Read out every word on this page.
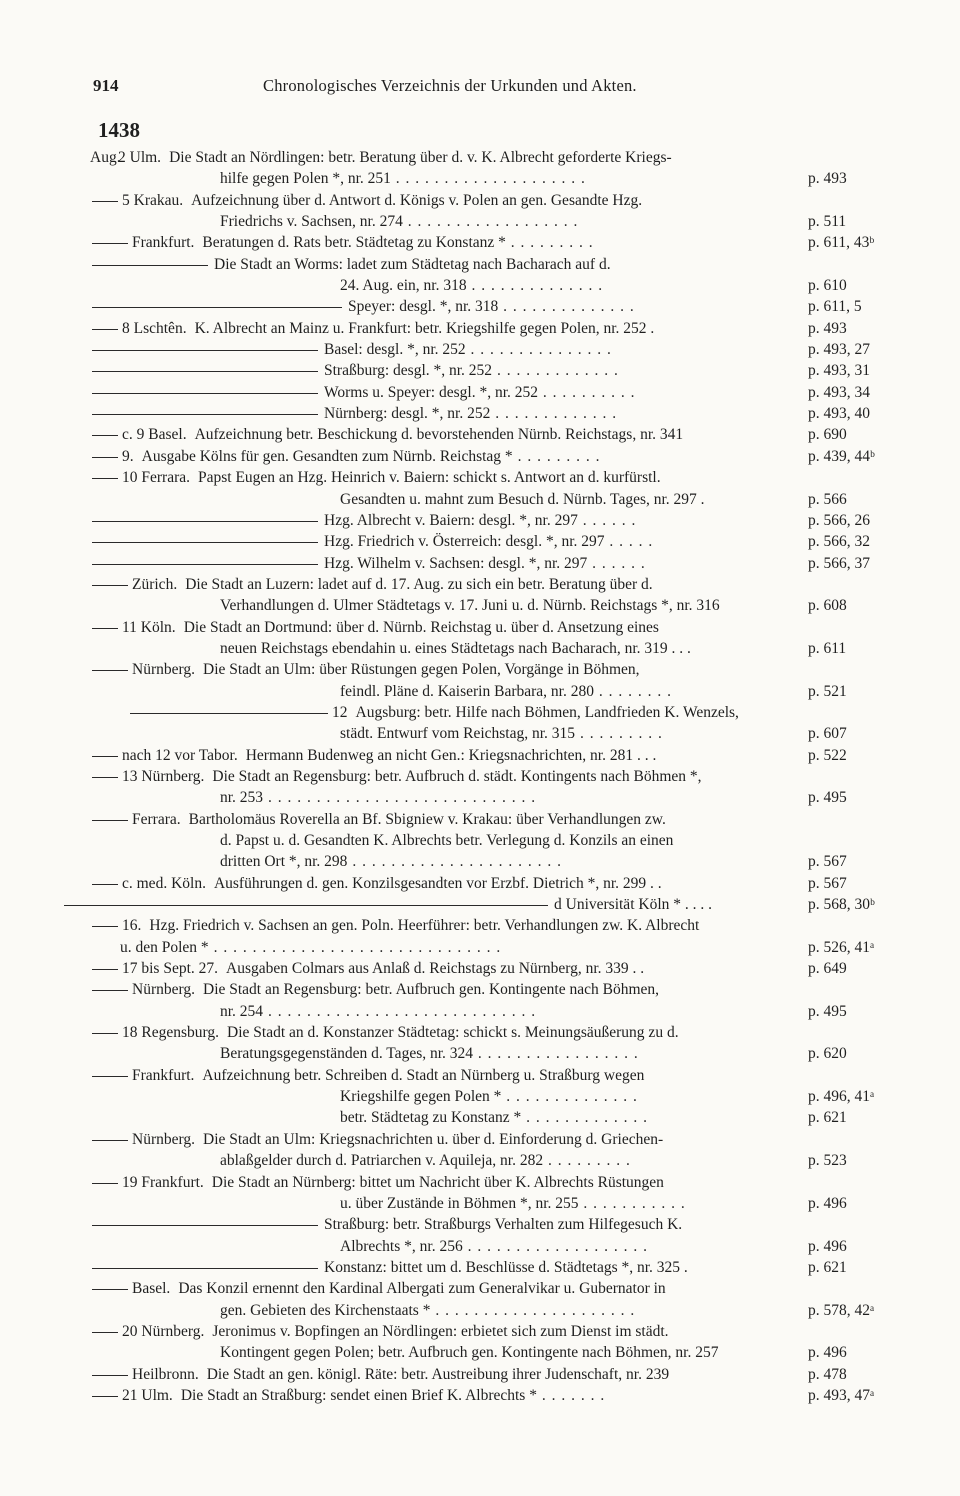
914	Chronologisches Verzeichnis der Urkunden und Akten.
1438
Aug.
2 Ulm. Die Stadt an Nördlingen: betr. Beratung über d. v. K. Albrecht geforderte Kriegs-
hilfe gegen Polen *, nr. 251 . . . . . . . . . . . . . . . . . . . .	p. 493
5 Krakau. Aufzeichnung über d. Antwort d. Königs v. Polen an gen. Gesandte Hzg.
Friedrichs v. Sachsen, nr. 274 . . . . . . . . . . . . . . . . . .	p. 511
Frankfurt. Beratungen d. Rats betr. Städtetag zu Konstanz * . . . . . . . . .	p. 611, 43ᵇ
Die Stadt an Worms: ladet zum Städtetag nach Bacharach auf d.
24. Aug. ein, nr. 318 . . . . . . . . . . . . . .	p. 610
Speyer: desgl. *, nr. 318 . . . . . . . . . . . . . .	p. 611, 5
8 Lschtên. K. Albrecht an Mainz u. Frankfurt: betr. Kriegshilfe gegen Polen, nr. 252 .	p. 493
Basel: desgl. *, nr. 252 . . . . . . . . . . . . . . .	p. 493, 27
Straßburg: desgl. *, nr. 252 . . . . . . . . . . . . .	p. 493, 31
Worms u. Speyer: desgl. *, nr. 252 . . . . . . . . . .	p. 493, 34
Nürnberg: desgl. *, nr. 252 . . . . . . . . . . . . .	p. 493, 40
c. 9 Basel. Aufzeichnung betr. Beschickung d. bevorstehenden Nürnb. Reichstags, nr. 341	p. 690
9. Ausgabe Kölns für gen. Gesandten zum Nürnb. Reichstag * . . . . . . . . .	p. 439, 44ᵇ
10 Ferrara. Papst Eugen an Hzg. Heinrich v. Baiern: schickt s. Antwort an d. kurfürstl.
Gesandten u. mahnt zum Besuch d. Nürnb. Tages, nr. 297 .	p. 566
Hzg. Albrecht v. Baiern: desgl. *, nr. 297 . . . . . .	p. 566, 26
Hzg. Friedrich v. Österreich: desgl. *, nr. 297 . . . . .	p. 566, 32
Hzg. Wilhelm v. Sachsen: desgl. *, nr. 297 . . . . . .	p. 566, 37
Zürich. Die Stadt an Luzern: ladet auf d. 17. Aug. zu sich ein betr. Beratung über d.
Verhandlungen d. Ulmer Städtetags v. 17. Juni u. d. Nürnb. Reichstags *, nr. 316	p. 608
11 Köln. Die Stadt an Dortmund: über d. Nürnb. Reichstag u. über d. Ansetzung eines
neuen Reichstags ebendahin u. eines Städtetags nach Bacharach, nr. 319 . . .	p. 611
Nürnberg. Die Stadt an Ulm: über Rüstungen gegen Polen, Vorgänge in Böhmen,
feindl. Pläne d. Kaiserin Barbara, nr. 280 . . . . . . . .	p. 521
12 Augsburg: betr. Hilfe nach Böhmen, Landfrieden K. Wenzels,
städt. Entwurf vom Reichstag, nr. 315 . . . . . . . . .	p. 607
nach 12 vor Tabor. Hermann Budenweg an nicht Gen.: Kriegsnachrichten, nr. 281 . . .	p. 522
13 Nürnberg. Die Stadt an Regensburg: betr. Aufbruch d. städt. Kontingents nach Böhmen *,
nr. 253 . . . . . . . . . . . . . . . . . . . . . . . . . . . .	p. 495
Ferrara. Bartholomäus Roverella an Bf. Sbigniew v. Krakau: über Verhandlungen zw.
d. Papst u. d. Gesandten K. Albrechts betr. Verlegung d. Konzils an einen
dritten Ort *, nr. 298 . . . . . . . . . . . . . . . . . . . . . .	p. 567
c. med. Köln. Ausführungen d. gen. Konzilsgesandten vor Erzbf. Dietrich *, nr. 299 . .	p. 567
d Universität Köln * . . . .	p. 568, 30ᵇ
16. Hzg. Friedrich v. Sachsen an gen. Poln. Heerführer: betr. Verhandlungen zw. K. Albrecht
u. den Polen * . . . . . . . . . . . . . . . . . . . . . . . . . . . . . .	p. 526, 41ᵃ
17 bis Sept. 27. Ausgaben Colmars aus Anlaß d. Reichstags zu Nürnberg, nr. 339 . .	p. 649
Nürnberg. Die Stadt an Regensburg: betr. Aufbruch gen. Kontingente nach Böhmen,
nr. 254 . . . . . . . . . . . . . . . . . . . . . . . . . . . .	p. 495
18 Regensburg. Die Stadt an d. Konstanzer Städtetag: schickt s. Meinungsäußerung zu d.
Beratungsgegenständen d. Tages, nr. 324 . . . . . . . . . . . . . . . . .	p. 620
Frankfurt. Aufzeichnung betr. Schreiben d. Stadt an Nürnberg u. Straßburg wegen
Kriegshilfe gegen Polen * . . . . . . . . . . . . . .	p. 496, 41ᵃ
betr. Städtetag zu Konstanz * . . . . . . . . . . . . .	p. 621
Nürnberg. Die Stadt an Ulm: Kriegsnachrichten u. über d. Einforderung d. Griechen-
ablaßgelder durch d. Patriarchen v. Aquileja, nr. 282 . . . . . . . . .	p. 523
19 Frankfurt. Die Stadt an Nürnberg: bittet um Nachricht über K. Albrechts Rüstungen
u. über Zustände in Böhmen *, nr. 255 . . . . . . . . . . .	p. 496
Straßburg: betr. Straßburgs Verhalten zum Hilfegesuch K.
Albrechts *, nr. 256 . . . . . . . . . . . . . . . . . . .	p. 496
Konstanz: bittet um d. Beschlüsse d. Städtetags *, nr. 325 .	p. 621
Basel. Das Konzil ernennt den Kardinal Albergati zum Generalvikar u. Gubernator in
gen. Gebieten des Kirchenstaats * . . . . . . . . . . . . . . . . . . . . .	p. 578, 42ᵃ
20 Nürnberg. Jeronimus v. Bopfingen an Nördlingen: erbietet sich zum Dienst im städt.
Kontingent gegen Polen; betr. Aufbruch gen. Kontingente nach Böhmen, nr. 257	p. 496
Heilbronn. Die Stadt an gen. königl. Räte: betr. Austreibung ihrer Judenschaft, nr. 239	p. 478
21 Ulm. Die Stadt an Straßburg: sendet einen Brief K. Albrechts * . . . . . . .	p. 493, 47ᵃ
